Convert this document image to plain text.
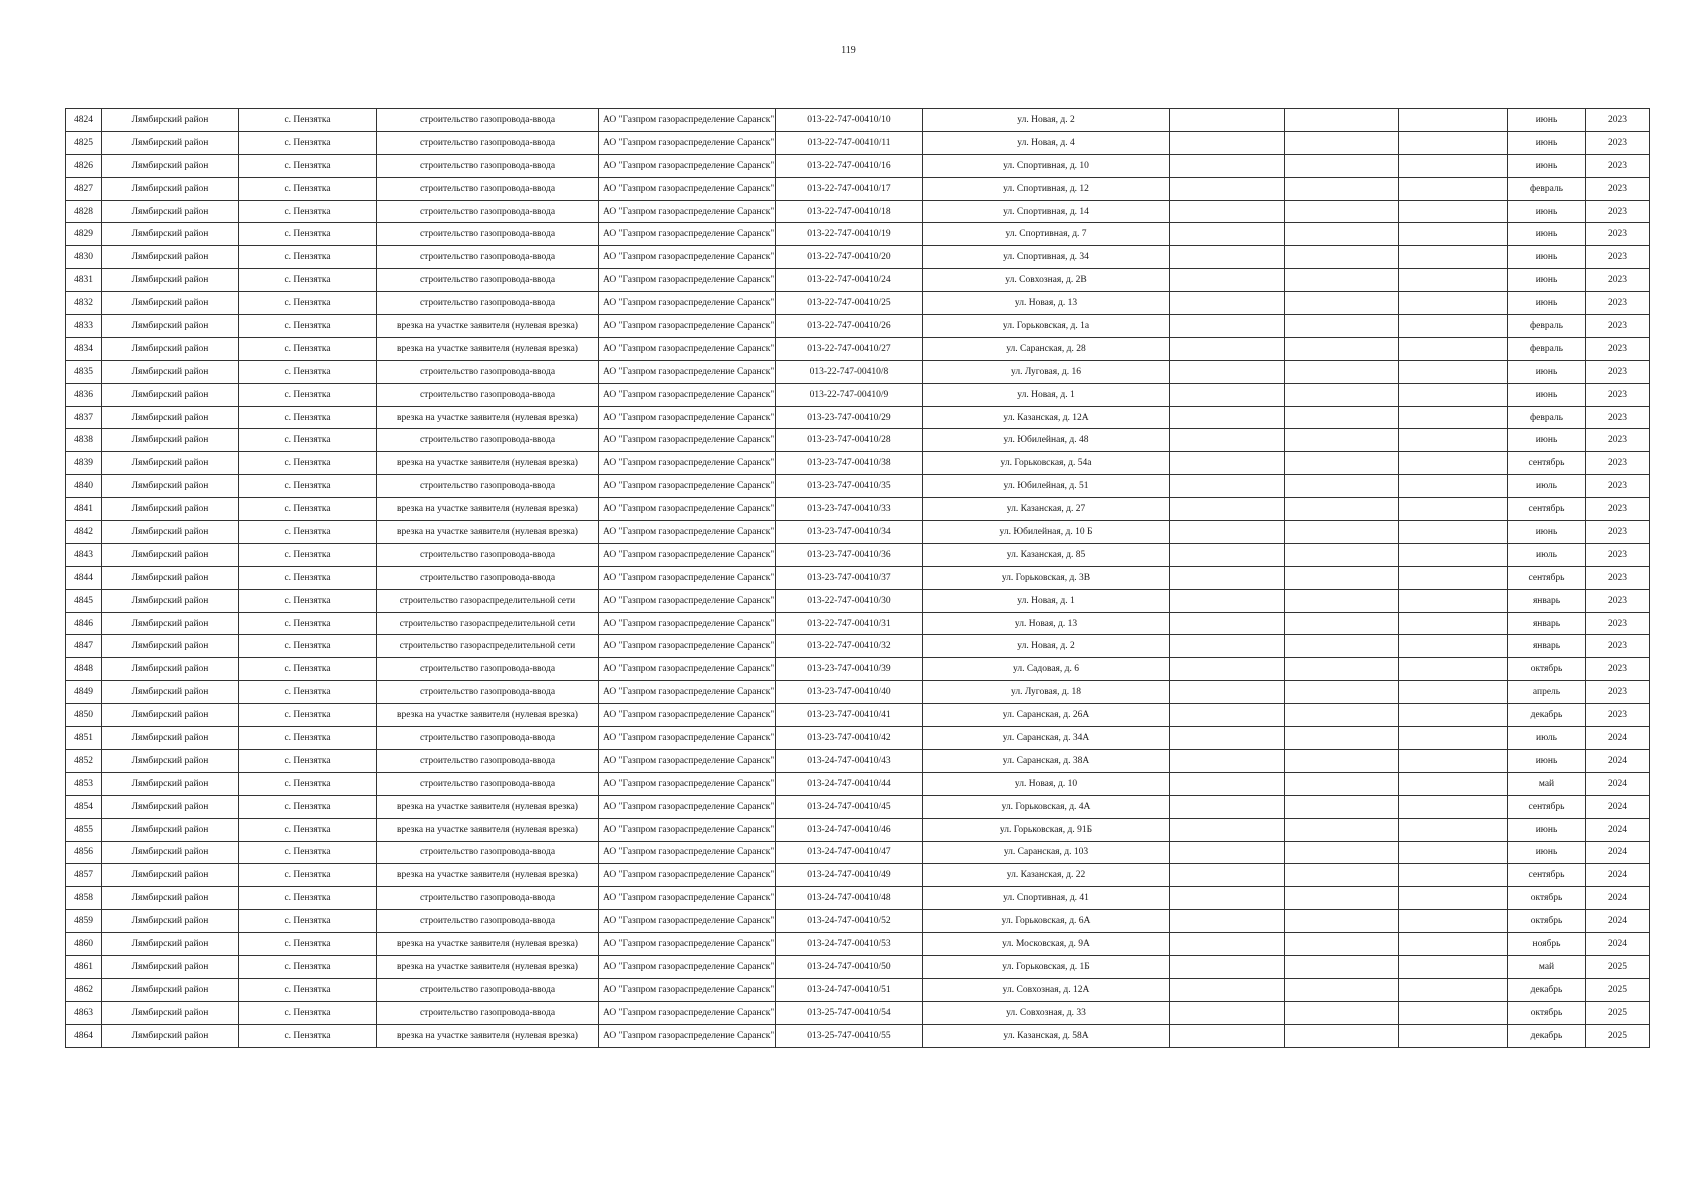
119
4824	Лямбирский район	с. Пензятка	строительство газопровода-ввода	АО "Газпром газораспределение Саранск"	013-22-747-00410/10	ул. Новая, д. 2				июнь	2023
4825	Лямбирский район	с. Пензятка	строительство газопровода-ввода	АО "Газпром газораспределение Саранск"	013-22-747-00410/11	ул. Новая, д. 4				июнь	2023
4826	Лямбирский район	с. Пензятка	строительство газопровода-ввода	АО "Газпром газораспределение Саранск"	013-22-747-00410/16	ул. Спортивная, д. 10				июнь	2023
4827	Лямбирский район	с. Пензятка	строительство газопровода-ввода	АО "Газпром газораспределение Саранск"	013-22-747-00410/17	ул. Спортивная, д. 12				февраль	2023
4828	Лямбирский район	с. Пензятка	строительство газопровода-ввода	АО "Газпром газораспределение Саранск"	013-22-747-00410/18	ул. Спортивная, д. 14				июнь	2023
4829	Лямбирский район	с. Пензятка	строительство газопровода-ввода	АО "Газпром газораспределение Саранск"	013-22-747-00410/19	ул. Спортивная, д. 7				июнь	2023
4830	Лямбирский район	с. Пензятка	строительство газопровода-ввода	АО "Газпром газораспределение Саранск"	013-22-747-00410/20	ул. Спортивная, д. 34				июнь	2023
4831	Лямбирский район	с. Пензятка	строительство газопровода-ввода	АО "Газпром газораспределение Саранск"	013-22-747-00410/24	ул. Совхозная, д. 2В				июнь	2023
4832	Лямбирский район	с. Пензятка	строительство газопровода-ввода	АО "Газпром газораспределение Саранск"	013-22-747-00410/25	ул. Новая, д. 13				июнь	2023
4833	Лямбирский район	с. Пензятка	врезка на участке заявителя (нулевая врезка)	АО "Газпром газораспределение Саранск"	013-22-747-00410/26	ул. Горьковская, д. 1а				февраль	2023
4834	Лямбирский район	с. Пензятка	врезка на участке заявителя (нулевая врезка)	АО "Газпром газораспределение Саранск"	013-22-747-00410/27	ул. Саранская, д. 28				февраль	2023
4835	Лямбирский район	с. Пензятка	строительство газопровода-ввода	АО "Газпром газораспределение Саранск"	013-22-747-00410/8	ул. Луговая, д. 16				июнь	2023
4836	Лямбирский район	с. Пензятка	строительство газопровода-ввода	АО "Газпром газораспределение Саранск"	013-22-747-00410/9	ул. Новая, д. 1				июнь	2023
4837	Лямбирский район	с. Пензятка	врезка на участке заявителя (нулевая врезка)	АО "Газпром газораспределение Саранск"	013-23-747-00410/29	ул. Казанская, д. 12А				февраль	2023
4838	Лямбирский район	с. Пензятка	строительство газопровода-ввода	АО "Газпром газораспределение Саранск"	013-23-747-00410/28	ул. Юбилейная, д. 48				июнь	2023
4839	Лямбирский район	с. Пензятка	врезка на участке заявителя (нулевая врезка)	АО "Газпром газораспределение Саранск"	013-23-747-00410/38	ул. Горьковская, д. 54а				сентябрь	2023
4840	Лямбирский район	с. Пензятка	строительство газопровода-ввода	АО "Газпром газораспределение Саранск"	013-23-747-00410/35	ул. Юбилейная, д. 51				июль	2023
4841	Лямбирский район	с. Пензятка	врезка на участке заявителя (нулевая врезка)	АО "Газпром газораспределение Саранск"	013-23-747-00410/33	ул. Казанская, д. 27				сентябрь	2023
4842	Лямбирский район	с. Пензятка	врезка на участке заявителя (нулевая врезка)	АО "Газпром газораспределение Саранск"	013-23-747-00410/34	ул. Юбилейная, д. 10 Б				июнь	2023
4843	Лямбирский район	с. Пензятка	строительство газопровода-ввода	АО "Газпром газораспределение Саранск"	013-23-747-00410/36	ул. Казанская, д. 85				июль	2023
4844	Лямбирский район	с. Пензятка	строительство газопровода-ввода	АО "Газпром газораспределение Саранск"	013-23-747-00410/37	ул. Горьковская, д. 3В				сентябрь	2023
4845	Лямбирский район	с. Пензятка	строительство газораспределительной сети	АО "Газпром газораспределение Саранск"	013-22-747-00410/30	ул. Новая, д. 1				январь	2023
4846	Лямбирский район	с. Пензятка	строительство газораспределительной сети	АО "Газпром газораспределение Саранск"	013-22-747-00410/31	ул. Новая, д. 13				январь	2023
4847	Лямбирский район	с. Пензятка	строительство газораспределительной сети	АО "Газпром газораспределение Саранск"	013-22-747-00410/32	ул. Новая, д. 2				январь	2023
4848	Лямбирский район	с. Пензятка	строительство газопровода-ввода	АО "Газпром газораспределение Саранск"	013-23-747-00410/39	ул. Садовая, д. 6				октябрь	2023
4849	Лямбирский район	с. Пензятка	строительство газопровода-ввода	АО "Газпром газораспределение Саранск"	013-23-747-00410/40	ул. Луговая, д. 18				апрель	2023
4850	Лямбирский район	с. Пензятка	врезка на участке заявителя (нулевая врезка)	АО "Газпром газораспределение Саранск"	013-23-747-00410/41	ул. Саранская, д. 26А				декабрь	2023
4851	Лямбирский район	с. Пензятка	строительство газопровода-ввода	АО "Газпром газораспределение Саранск"	013-23-747-00410/42	ул. Саранская, д. 34А				июль	2024
4852	Лямбирский район	с. Пензятка	строительство газопровода-ввода	АО "Газпром газораспределение Саранск"	013-24-747-00410/43	ул. Саранская, д. 38А				июнь	2024
4853	Лямбирский район	с. Пензятка	строительство газопровода-ввода	АО "Газпром газораспределение Саранск"	013-24-747-00410/44	ул. Новая, д. 10				май	2024
4854	Лямбирский район	с. Пензятка	врезка на участке заявителя (нулевая врезка)	АО "Газпром газораспределение Саранск"	013-24-747-00410/45	ул. Горьковская, д. 4А				сентябрь	2024
4855	Лямбирский район	с. Пензятка	врезка на участке заявителя (нулевая врезка)	АО "Газпром газораспределение Саранск"	013-24-747-00410/46	ул. Горьковская, д. 91Б				июнь	2024
4856	Лямбирский район	с. Пензятка	строительство газопровода-ввода	АО "Газпром газораспределение Саранск"	013-24-747-00410/47	ул. Саранская, д. 103				июнь	2024
4857	Лямбирский район	с. Пензятка	врезка на участке заявителя (нулевая врезка)	АО "Газпром газораспределение Саранск"	013-24-747-00410/49	ул. Казанская, д. 22				сентябрь	2024
4858	Лямбирский район	с. Пензятка	строительство газопровода-ввода	АО "Газпром газораспределение Саранск"	013-24-747-00410/48	ул. Спортивная, д. 41				октябрь	2024
4859	Лямбирский район	с. Пензятка	строительство газопровода-ввода	АО "Газпром газораспределение Саранск"	013-24-747-00410/52	ул. Горьковская, д. 6А				октябрь	2024
4860	Лямбирский район	с. Пензятка	врезка на участке заявителя (нулевая врезка)	АО "Газпром газораспределение Саранск"	013-24-747-00410/53	ул. Московская, д. 9А				ноябрь	2024
4861	Лямбирский район	с. Пензятка	врезка на участке заявителя (нулевая врезка)	АО "Газпром газораспределение Саранск"	013-24-747-00410/50	ул. Горьковская, д. 1Б				май	2025
4862	Лямбирский район	с. Пензятка	строительство газопровода-ввода	АО "Газпром газораспределение Саранск"	013-24-747-00410/51	ул. Совхозная, д. 12А				декабрь	2025
4863	Лямбирский район	с. Пензятка	строительство газопровода-ввода	АО "Газпром газораспределение Саранск"	013-25-747-00410/54	ул. Совхозная, д. 33				октябрь	2025
4864	Лямбирский район	с. Пензятка	врезка на участке заявителя (нулевая врезка)	АО "Газпром газораспределение Саранск"	013-25-747-00410/55	ул. Казанская, д. 58А				декабрь	2025
